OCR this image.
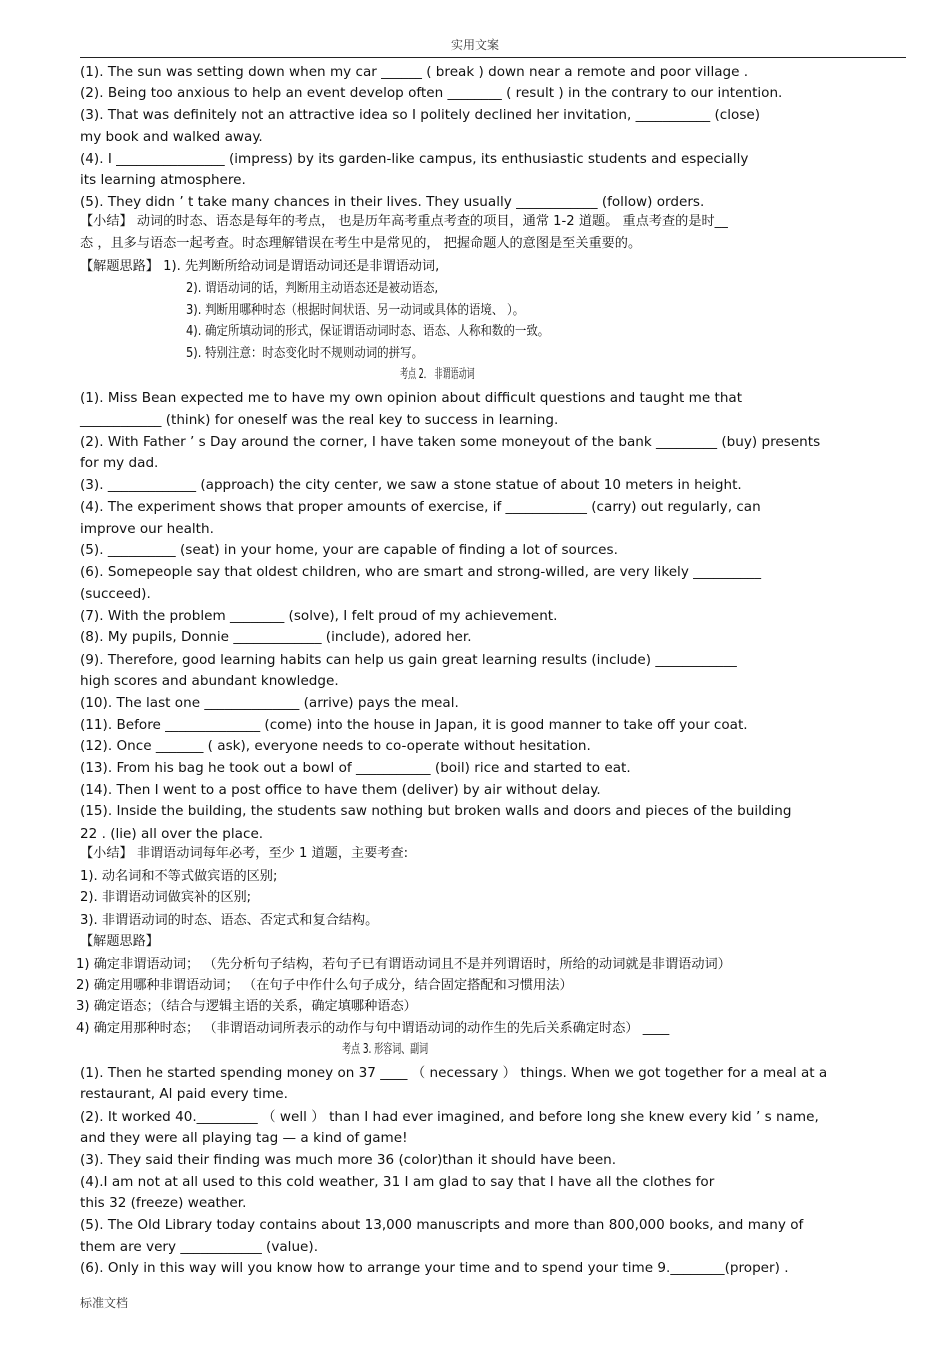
实用文案
(1). The sun was setting down when my car ______ ( break ) down near a remote and poor village .
(2). Being too anxious to help an event develop often ________ ( result ) in the contrary to our intention.
(3). That was definitely not an attractive idea so I politely declined her invitation, ___________ (close)
my book and walked away.
(4). I ________________ (impress) by its garden-like campus, its enthusiastic students and especially
its learning atmosphere.
(5). They didn ’ t take many chances in their lives. They usually ____________ (follow) orders.
【小结】 动词的时态、语态是每年的考点， 也是历年高考重点考查的项目，通常 1-2 道题。 重点考查的是时__
态 ，且多与语态一起考查。时态理解错误在考生中是常见的， 把握命题人的意图是至关重要的。
【解题思路】 1). 先判断所给动词是谓语动词还是非谓语动词,
2). 谓语动词的话，判断用主动语态还是被动语态,
3). 判断用哪种时态（根据时间状语、另一动词或具体的语境、 ）。
4). 确定所填动词的形式，保证谓语动词时态、语态、人称和数的一致。
5). 特别注意：时态变化时不规则动词的拼写。
考点 2． 非谓语动词
(1). Miss Bean expected me to have my own opinion about difficult questions and taught me that
____________ (think) for oneself was the real key to success in learning.
(2). With Father ’ s Day around the corner, I have taken some moneyout of the bank _________ (buy) presents
for my dad.
(3). _____________ (approach) the city center, we saw a stone statue of about 10 meters in height.
(4). The experiment shows that proper amounts of exercise, if ____________ (carry) out regularly, can
improve our health.
(5). __________ (seat) in your home, your are capable of finding a lot of sources.
(6). Somepeople say that oldest children, who are smart and strong-willed, are very likely __________
(succeed).
(7). With the problem ________ (solve), I felt proud of my achievement.
(8). My pupils, Donnie _____________ (include), adored her.
(9). Therefore, good learning habits can help us gain great learning results (include) ____________
high scores and abundant knowledge.
(10). The last one ______________ (arrive) pays the meal.
(11). Before ______________ (come) into the house in Japan, it is good manner to take off your coat.
(12). Once _______ ( ask), everyone needs to co-operate without hesitation.
(13). From his bag he took out a bowl of ___________ (boil) rice and started to eat.
(14). Then I went to a post office to have them (deliver) by air without delay.
(15). Inside the building, the students saw nothing but broken walls and doors and pieces of the building
22 . (lie) all over the place.
【小结】 非谓语动词每年必考，至少 1 道题，主要考查:
1). 动名词和不等式做宾语的区别;
2). 非谓语动词做宾补的区别;
3). 非谓语动词的时态、语态、否定式和复合结构。
【解题思路】
1) 确定非谓语动词； （先分析句子结构，若句子已有谓语动词且不是并列谓语时，所给的动词就是非谓语动词）
2) 确定用哪种非谓语动词； （在句子中作什么句子成分，结合固定搭配和习惯用法）
3) 确定语态；（结合与逻辑主语的关系，确定填哪种语态）
4) 确定用那种时态； （非谓语动词所表示的动作与句中谓语动词的动作生的先后关系确定时态） ____
考点 3. 形容词、副词
(1). Then he started spending money on 37 ____ （ necessary ） things. When we got together for a meal at a
restaurant, Al paid every time.
(2). It worked 40._________ （ well ） than I had ever imagined, and before long she knew every kid ’ s name,
and they were all playing tag — a kind of game!
(3). They said their finding was much more 36 (color)than it should have been.
(4).I am not at all used to this cold weather, 31 I am glad to say that I have all the clothes for
this 32 (freeze) weather.
(5). The Old Library today contains about 13,000 manuscripts and more than 800,000 books, and many of
them are very ____________ (value).
(6). Only in this way will you know how to arrange your time and to spend your time 9.________(proper) .
标准文档
